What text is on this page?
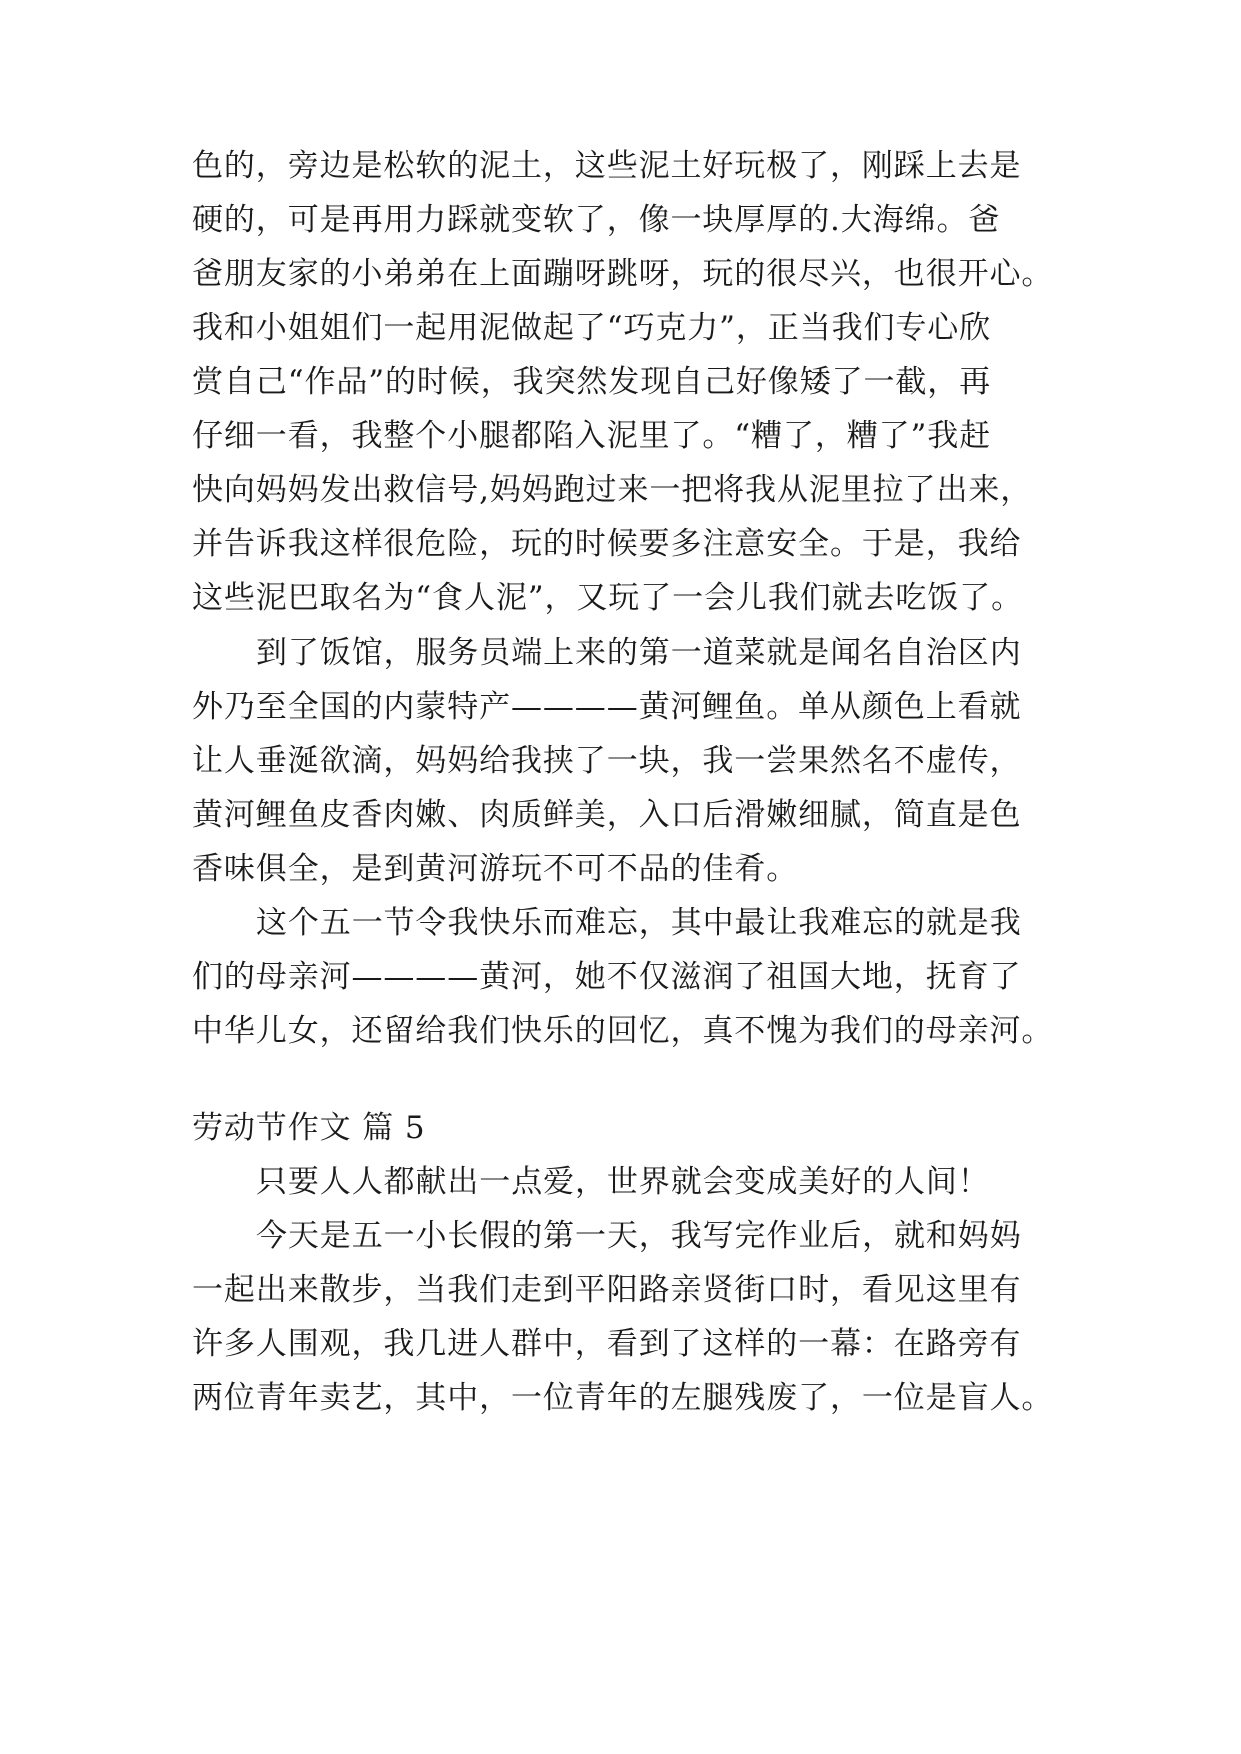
色的，旁边是松软的泥土，这些泥土好玩极了，刚踩上去是
硬的，可是再用力踩就变软了，像一块厚厚的.大海绵。爸
爸朋友家的小弟弟在上面蹦呀跳呀，玩的很尽兴，也很开心。
我和小姐姐们一起用泥做起了“巧克力”，正当我们专心欣
赏自己“作品”的时候，我突然发现自己好像矮了一截，再
仔细一看，我整个小腿都陷入泥里了。“糟了，糟了”我赶
快向妈妈发出救信号,妈妈跑过来一把将我从泥里拉了出来，
并告诉我这样很危险，玩的时候要多注意安全。于是，我给
这些泥巴取名为“食人泥”，又玩了一会儿我们就去吃饭了。
到了饭馆，服务员端上来的第一道菜就是闻名自治区内
外乃至全国的内蒙特产————黄河鲤鱼。单从颜色上看就
让人垂涎欲滴，妈妈给我挟了一块，我一尝果然名不虚传，
黄河鲤鱼皮香肉嫩、肉质鲜美，入口后滑嫩细腻，简直是色
香味俱全，是到黄河游玩不可不品的佳肴。
这个五一节令我快乐而难忘，其中最让我难忘的就是我
们的母亲河————黄河，她不仅滋润了祖国大地，抚育了
中华儿女，还留给我们快乐的回忆，真不愧为我们的母亲河。
劳动节作文 篇 5
只要人人都献出一点爱，世界就会变成美好的人间！
今天是五一小长假的第一天，我写完作业后，就和妈妈
一起出来散步，当我们走到平阳路亲贤街口时，看见这里有
许多人围观，我几进人群中，看到了这样的一幕：在路旁有
两位青年卖艺，其中，一位青年的左腿残废了，一位是盲人。
